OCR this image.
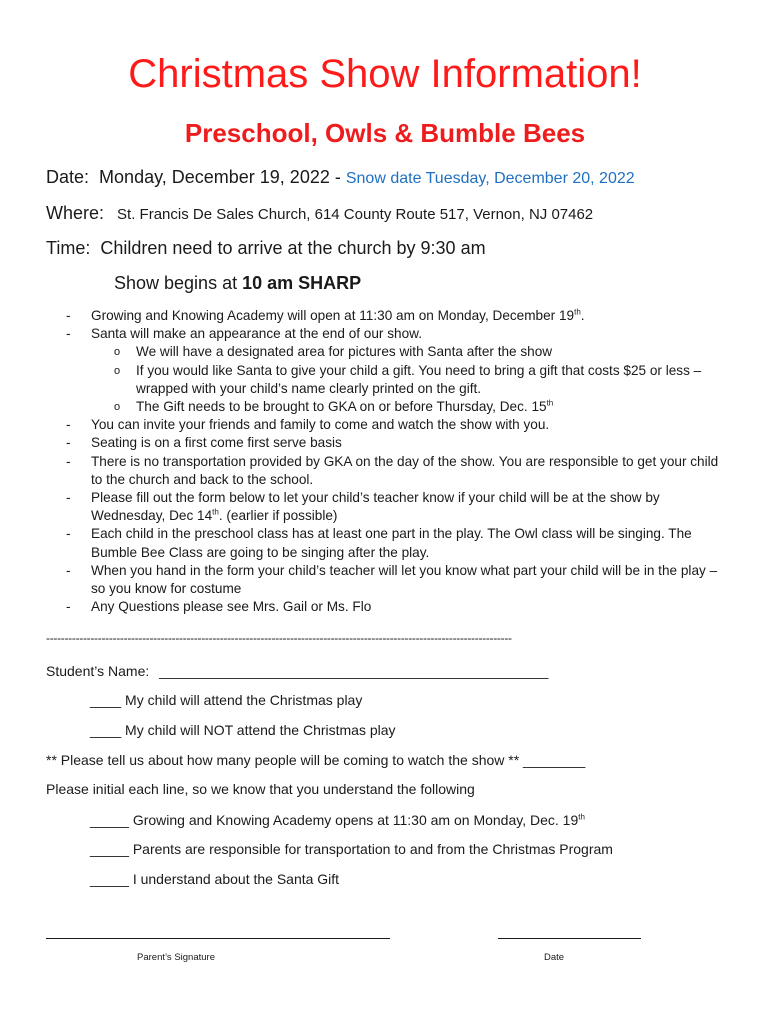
Christmas Show Information!
Preschool, Owls & Bumble Bees
Date: Monday, December 19, 2022 - Snow date Tuesday, December 20, 2022
Where: St. Francis De Sales Church, 614 County Route 517, Vernon, NJ 07462
Time: Children need to arrive at the church by 9:30 am
Show begins at 10 am SHARP
- Growing and Knowing Academy will open at 11:30 am on Monday, December 19th.
- Santa will make an appearance at the end of our show.
o We will have a designated area for pictures with Santa after the show
o If you would like Santa to give your child a gift. You need to bring a gift that costs $25 or less – wrapped with your child’s name clearly printed on the gift.
o The Gift needs to be brought to GKA on or before Thursday, Dec. 15th
- You can invite your friends and family to come and watch the show with you.
- Seating is on a first come first serve basis
- There is no transportation provided by GKA on the day of the show. You are responsible to get your child to the church and back to the school.
- Please fill out the form below to let your child’s teacher know if your child will be at the show by Wednesday, Dec 14th. (earlier if possible)
- Each child in the preschool class has at least one part in the play. The Owl class will be singing. The Bumble Bee Class are going to be singing after the play.
- When you hand in the form your child’s teacher will let you know what part your child will be in the play – so you know for costume
- Any Questions please see Mrs. Gail or Ms. Flo
------------------------------------------------------------------------------------------------------------------------------
Student’s Name: __________________________________________________
____ My child will attend the Christmas play
____ My child will NOT attend the Christmas play
** Please tell us about how many people will be coming to watch the show ** ________
Please initial each line, so we know that you understand the following
_____ Growing and Knowing Academy opens at 11:30 am on Monday, Dec. 19th
_____ Parents are responsible for transportation to and from the Christmas Program
_____ I understand about the Santa Gift
Parent’s Signature	Date
